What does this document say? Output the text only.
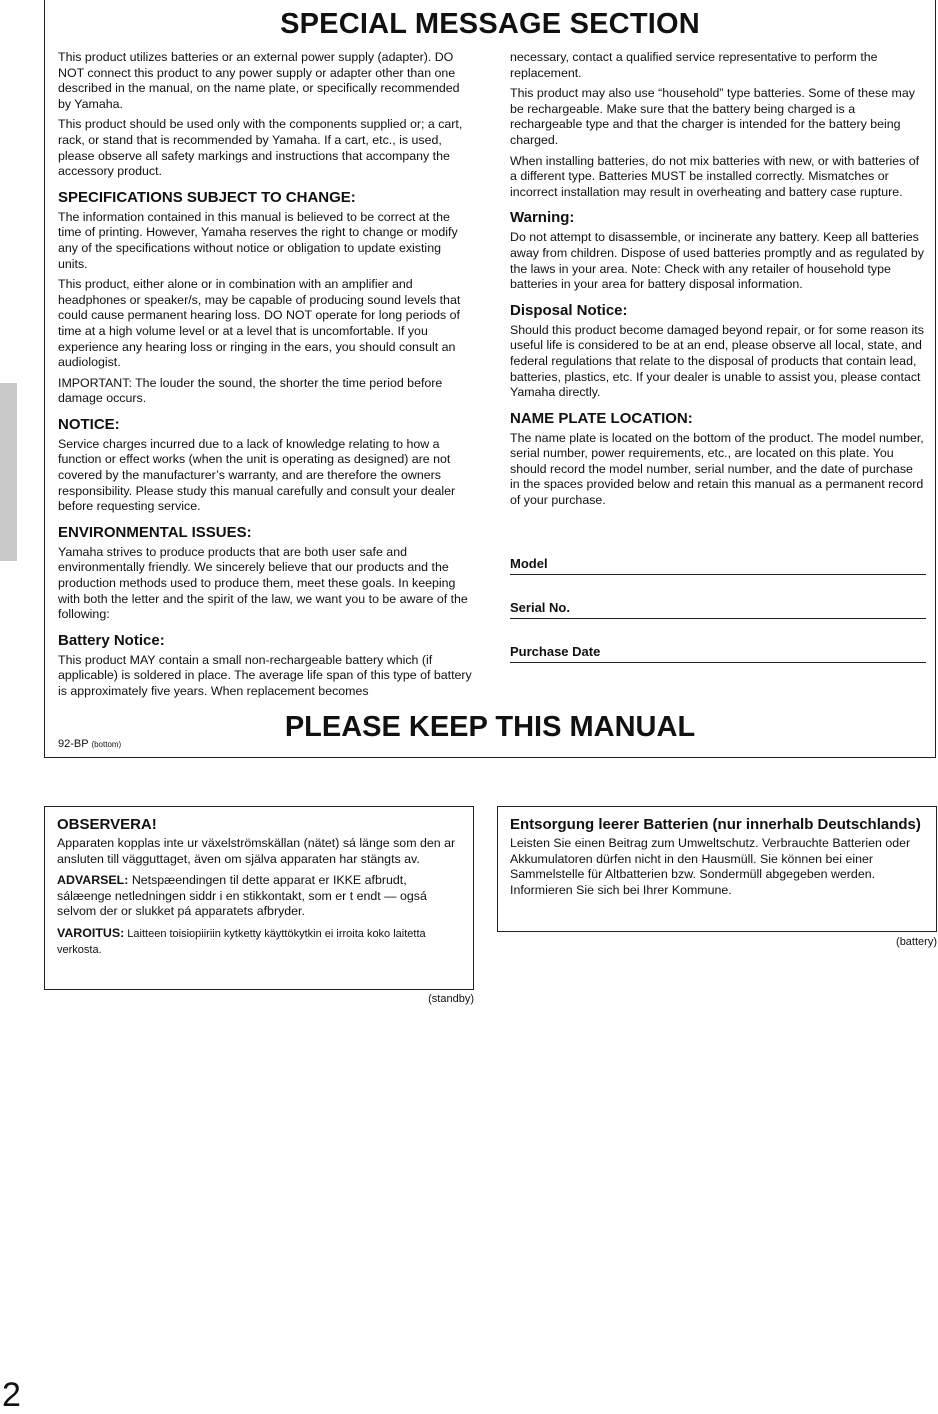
SPECIAL MESSAGE SECTION

This product utilizes batteries or an external power supply (adapter). DO NOT connect this product to any power supply or adapter other than one described in the manual, on the name plate, or specifically recommended by Yamaha.

This product should be used only with the components supplied or; a cart, rack, or stand that is recommended by Yamaha. If a cart, etc., is used, please observe all safety markings and instructions that accompany the accessory product.

SPECIFICATIONS SUBJECT TO CHANGE:

The information contained in this manual is believed to be correct at the time of printing. However, Yamaha reserves the right to change or modify any of the specifications without notice or obligation to update existing units.

This product, either alone or in combination with an amplifier and headphones or speaker/s, may be capable of producing sound levels that could cause permanent hearing loss. DO NOT operate for long periods of time at a high volume level or at a level that is uncomfortable. If you experience any hearing loss or ringing in the ears, you should consult an audiologist.

IMPORTANT: The louder the sound, the shorter the time period before damage occurs.

NOTICE:

Service charges incurred due to a lack of knowledge relating to how a function or effect works (when the unit is operating as designed) are not covered by the manufacturer’s warranty, and are therefore the owners responsibility. Please study this manual carefully and consult your dealer before requesting service.

ENVIRONMENTAL ISSUES:

Yamaha strives to produce products that are both user safe and environmentally friendly. We sincerely believe that our products and the production methods used to produce them, meet these goals. In keeping with both the letter and the spirit of the law, we want you to be aware of the following:

Battery Notice:

This product MAY contain a small non-rechargeable battery which (if applicable) is soldered in place. The average life span of this type of battery is approximately five years. When replacement becomes

necessary, contact a qualified service representative to perform the replacement.

This product may also use “household” type batteries. Some of these may be rechargeable. Make sure that the battery being charged is a rechargeable type and that the charger is intended for the battery being charged.

When installing batteries, do not mix batteries with new, or with batteries of a different type. Batteries MUST be installed correctly. Mismatches or incorrect installation may result in overheating and battery case rupture.

Warning:

Do not attempt to disassemble, or incinerate any battery. Keep all batteries away from children. Dispose of used batteries promptly and as regulated by the laws in your area. Note: Check with any retailer of household type batteries in your area for battery disposal information.

Disposal Notice:

Should this product become damaged beyond repair, or for some reason its useful life is considered to be at an end, please observe all local, state, and federal regulations that relate to the disposal of products that contain lead, batteries, plastics, etc. If your dealer is unable to assist you, please contact Yamaha directly.

NAME PLATE LOCATION:

The name plate is located on the bottom of the product. The model number, serial number, power requirements, etc., are located on this plate. You should record the model number, serial number, and the date of purchase in the spaces provided below and retain this manual as a permanent record of your purchase.

Model
Serial No.
Purchase Date
PLEASE KEEP THIS MANUAL
92-BP (bottom)
OBSERVERA!

Apparaten kopplas inte ur växelströmskällan (nätet) sá länge som den ar ansluten till vägguttaget, även om själva apparaten har stängts av.

ADVARSEL: Netspæendingen til dette apparat er IKKE afbrudt, sálæenge netledningen siddr i en stikkontakt, som er t endt — ogsá selvom der or slukket pá apparatets afbryder.

VAROITUS: Laitteen toisiopiiriin kytketty käyttökytkin ei irroita koko laitetta verkosta.

(standby)
Entsorgung leerer Batterien (nur innerhalb Deutschlands)

Leisten Sie einen Beitrag zum Umweltschutz. Verbrauchte Batterien oder Akkumulatoren dürfen nicht in den Hausmüll. Sie können bei einer Sammelstelle für Altbatterien bzw. Sondermüll abgegeben werden. Informieren Sie sich bei Ihrer Kommune.

(battery)
2
